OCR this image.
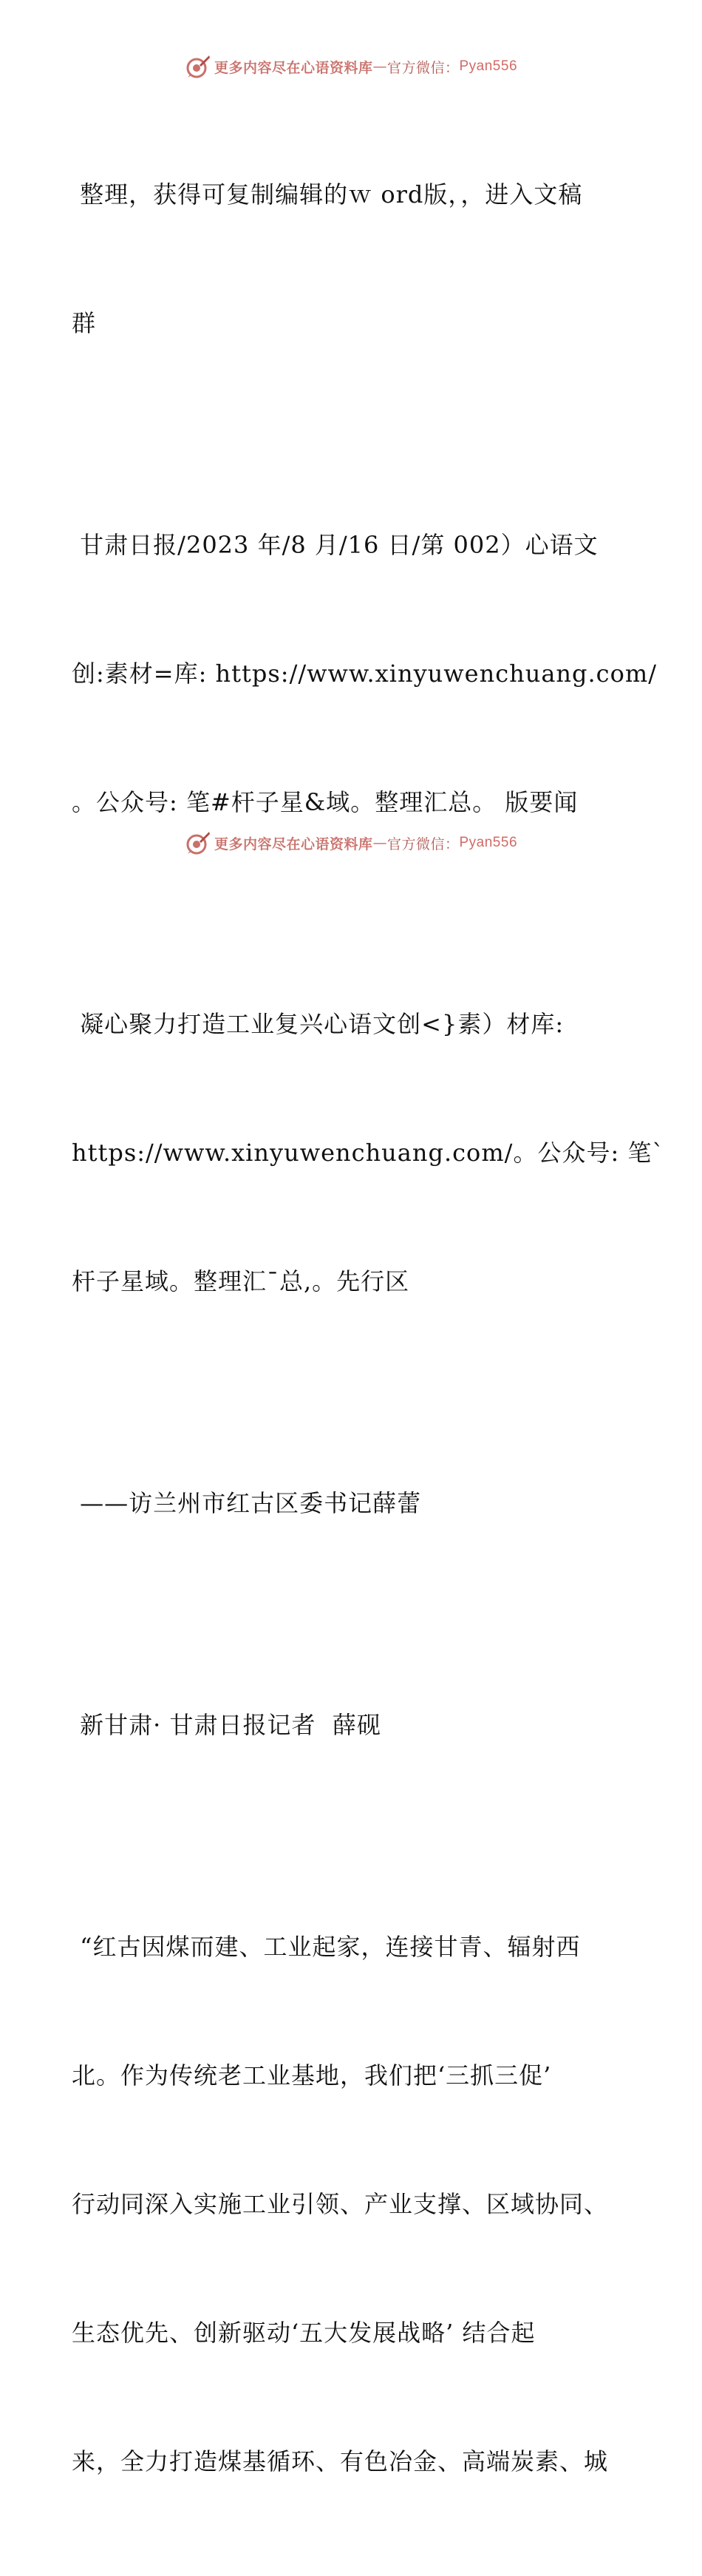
更多内容尽在心语资料库 — 官方微信： Pyan556

整理，获得可复制编辑的ｗ ord版，，进入文稿

群

甘肃日报/2023 年/8 月/16 日/第 002）心语文

创:素材=库: https://www.xinyuwenchuang.com/

。公众号: 笔#杆子星&域。整理汇总。 版要闻

凝心聚力打造工业复兴心语文创<}素）材库:

https://www.xinyuwenchuang.com/。公众号: 笔`

杆子星域。整理汇¯总,。先行区

——访兰州市红古区委书记薛蕾

新甘肃· 甘肃日报记者  薛砚

“红古因煤而建、工业起家，连接甘青、辐射西

北。作为传统老工业基地，我们把‘三抓三促’

行动同深入实施工业引领、产业支撑、区域协同、

生态优先、创新驱动‘五大发展战略’ 结合起

来，全力打造煤基循环、有色冶金、高端炭素、城

更多内容尽在心语资料库 — 官方微信： Pyan556
